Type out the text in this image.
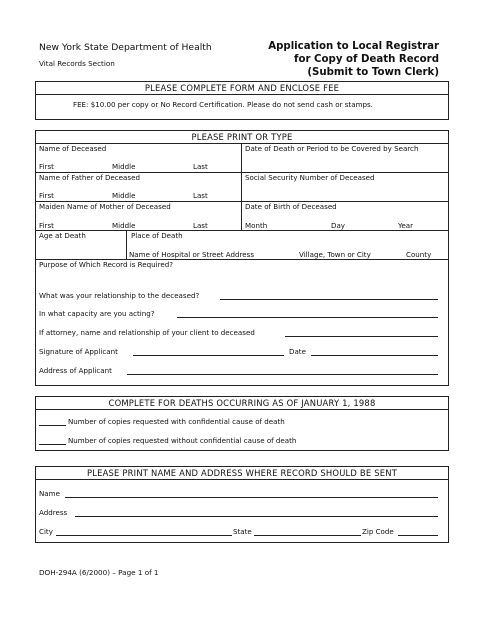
New York State Department of Health
Vital Records Section
Application to Local Registrar
for Copy of Death Record
(Submit to Town Clerk)
PLEASE COMPLETE FORM AND ENCLOSE FEE
FEE: $10.00 per copy or No Record Certification. Please do not send cash or stamps.
PLEASE PRINT OR TYPE
Name of Deceased
First	Middle	Last
Date of Death or Period to be Covered by Search
Name of Father of Deceased
First	Middle	Last
Social Security Number of Deceased
Maiden Name of Mother of Deceased
First	Middle	Last
Date of Birth of Deceased
Month	Day	Year
Age at Death	Place of Death
Name of Hospital or Street Address	Village, Town or City	County
Purpose of Which Record is Required?
What was your relationship to the deceased?
In what capacity are you acting?
If attorney, name and relationship of your client to deceased
Signature of Applicant	Date
Address of Applicant
COMPLETE FOR DEATHS OCCURRING AS OF JANUARY 1, 1988
Number of copies requested with confidential cause of death
Number of copies requested without confidential cause of death
PLEASE PRINT NAME AND ADDRESS WHERE RECORD SHOULD BE SENT
Name
Address
City	State	Zip Code
DOH-294A (6/2000) – Page 1 of 1
